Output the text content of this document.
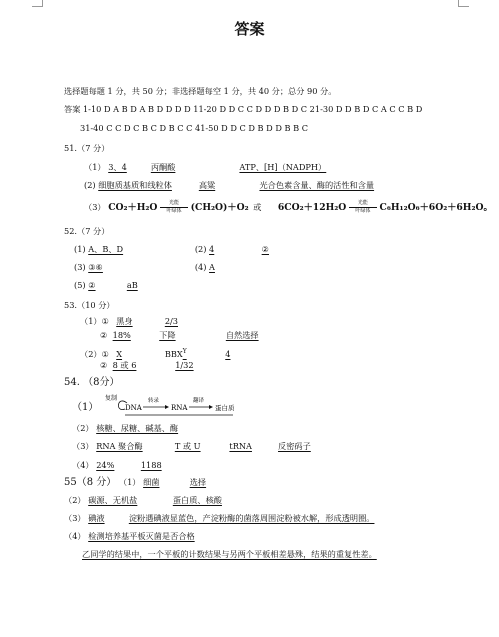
答案
选择题每题 1 分，共 50 分；非选择题每空 1 分，共 40 分；总分 90 分。
答案 1-10 D A B D A B D D D D 11-20 D D C C D D D B D C 21-30 D D B D C A C C B D
31-40 C C D C B C D B C C 41-50 D D C D B D D B B C
51.（7 分）
（1） 3、4	丙酮酸	ATP、[H]（NADPH）
(2) 细胞质基质和线粒体	高粱	光合色素含量、酶的活性和含量
（3） CO₂＋H₂O	光能
叶绿体 (CH₂O)＋O₂ 或 6CO₂＋12H₂O	光能
叶绿体 C₆H₁₂O₆＋6O₂＋6H₂O。
52.（7 分）
(1) A、B、D	(2) 4	②
(3) ③⑥	(4) A
(5) ②	aB
53.（10 分）
（1）① 黑身	2/3
② 18%	下降	自然选择
（2）① X	$BBX^Y$	4
② 8 或 6	1/32
54. （8分）
（1）
复制
DNA
转录
RNA
翻译
蛋白质
（2） 核糖、尿糖、碱基、酶
（3） RNA 聚合酶	T 或 U	tRNA	反密码子
（4） 24%	1188
55（8 分） （1） 细菌	选择
（2） 碳源、无机盐	蛋白质、核酸
（3） 碘液	淀粉遇碘液显蓝色，产淀粉酶的菌落周围淀粉被水解，形成透明圈。
（4） 检测培养基平板灭菌是否合格
乙同学的结果中，一个平板的计数结果与另两个平板相差悬殊，结果的重复性差。
